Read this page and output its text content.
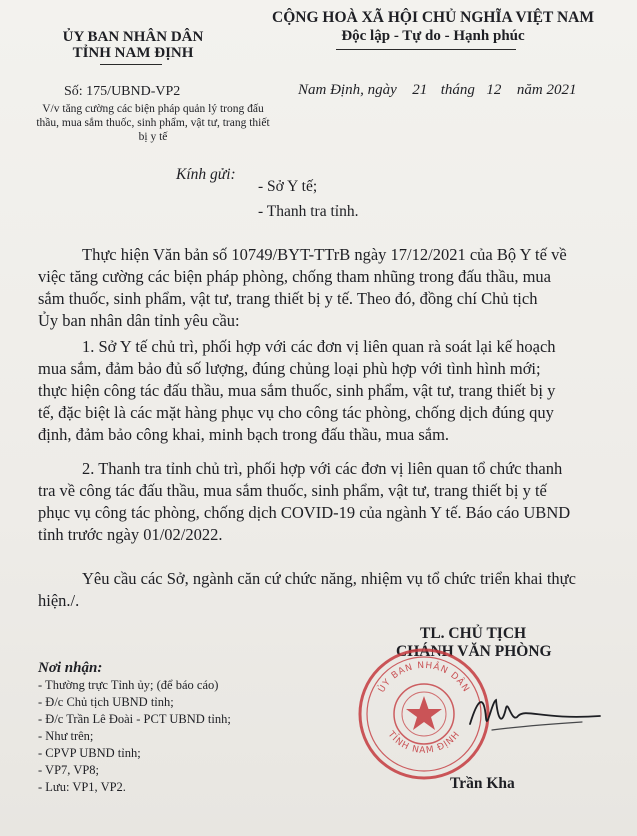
ỦY BAN NHÂN DÂN
TỈNH NAM ĐỊNH
Số: 175/UBND-VP2
V/v tăng cường các biện pháp quản lý trong đấu thầu, mua sắm thuốc, sinh phẩm, vật tư, trang thiết bị y tế
CỘNG HOÀ XÃ HỘI CHỦ NGHĨA VIỆT NAM
Độc lập - Tự do - Hạnh phúc
Nam Định, ngày 21 tháng 12 năm 2021
Kính gửi:
- Sở Y tế;
- Thanh tra tỉnh.
Thực hiện Văn bản số 10749/BYT-TTrB ngày 17/12/2021 của Bộ Y tế về
việc tăng cường các biện pháp phòng, chống tham nhũng trong đấu thầu, mua
sắm thuốc, sinh phẩm, vật tư, trang thiết bị y tế. Theo đó, đồng chí Chủ tịch
Ủy ban nhân dân tỉnh yêu cầu:
1. Sở Y tế chủ trì, phối hợp với các đơn vị liên quan rà soát lại kế hoạch
mua sắm, đảm bảo đủ số lượng, đúng chủng loại phù hợp với tình hình mới;
thực hiện công tác đấu thầu, mua sắm thuốc, sinh phẩm, vật tư, trang thiết bị y
tế, đặc biệt là các mặt hàng phục vụ cho công tác phòng, chống dịch đúng quy
định, đảm bảo công khai, minh bạch trong đấu thầu, mua sắm.
2. Thanh tra tỉnh chủ trì, phối hợp với các đơn vị liên quan tổ chức thanh
tra về công tác đấu thầu, mua sắm thuốc, sinh phẩm, vật tư, trang thiết bị y tế
phục vụ công tác phòng, chống dịch COVID-19 của ngành Y tế. Báo cáo UBND
tỉnh trước ngày 01/02/2022.
Yêu cầu các Sở, ngành căn cứ chức năng, nhiệm vụ tổ chức triển khai thực
hiện./.
TL. CHỦ TỊCH
CHÁNH VĂN PHÒNG
ỦY BAN NHÂN DÂN
TỈNH NAM ĐỊNH
Trần Kha
Nơi nhận:
- Thường trực Tỉnh ủy; (để báo cáo)
- Đ/c Chủ tịch UBND tỉnh;
- Đ/c Trần Lê Đoài - PCT UBND tỉnh;
- Như trên;
- CPVP UBND tỉnh;
- VP7, VP8;
- Lưu: VP1, VP2.
